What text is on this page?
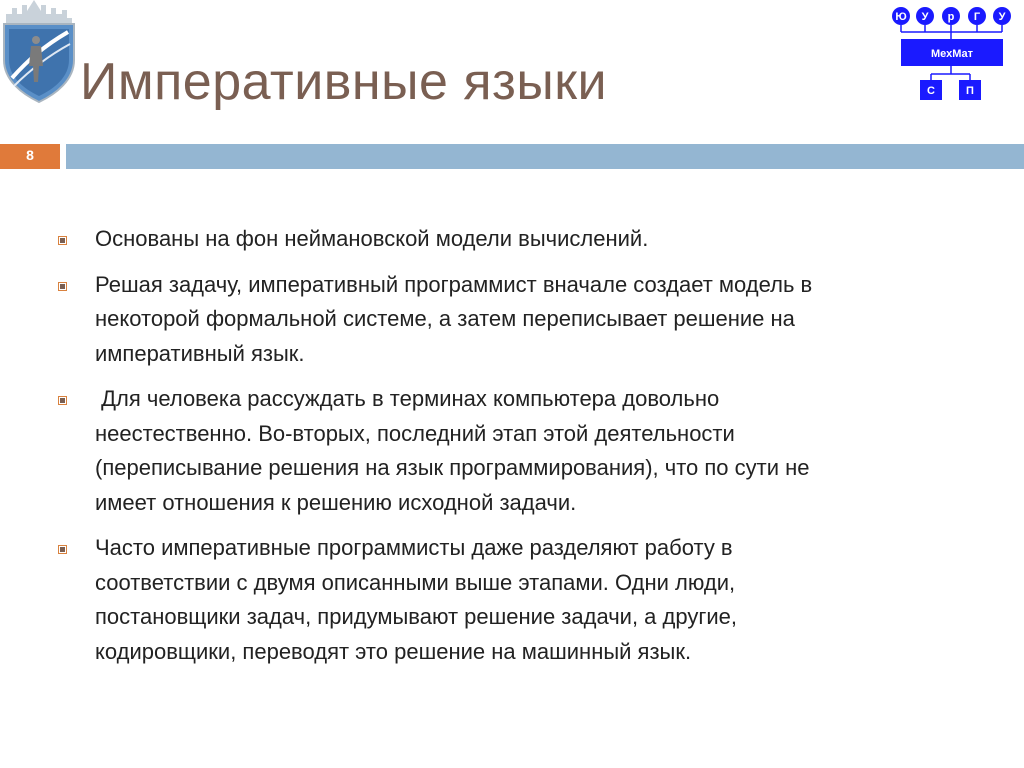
Императивные языки
Ю У р Г У
МехМат
С	П
8
Основаны на фон неймановской модели вычислений.
Решая задачу, императивный программист вначале создает модель в некоторой формальной системе, а затем переписывает решение на императивный язык.
Для человека рассуждать в терминах компьютера довольно неестественно. Во-вторых, последний этап этой деятельности (переписывание решения на язык программирования), что по сути не имеет отношения к решению исходной задачи.
Часто императивные программисты даже разделяют работу в соответствии с двумя описанными выше этапами. Одни люди, постановщики задач, придумывают решение задачи, а другие, кодировщики, переводят это решение на машинный язык.
